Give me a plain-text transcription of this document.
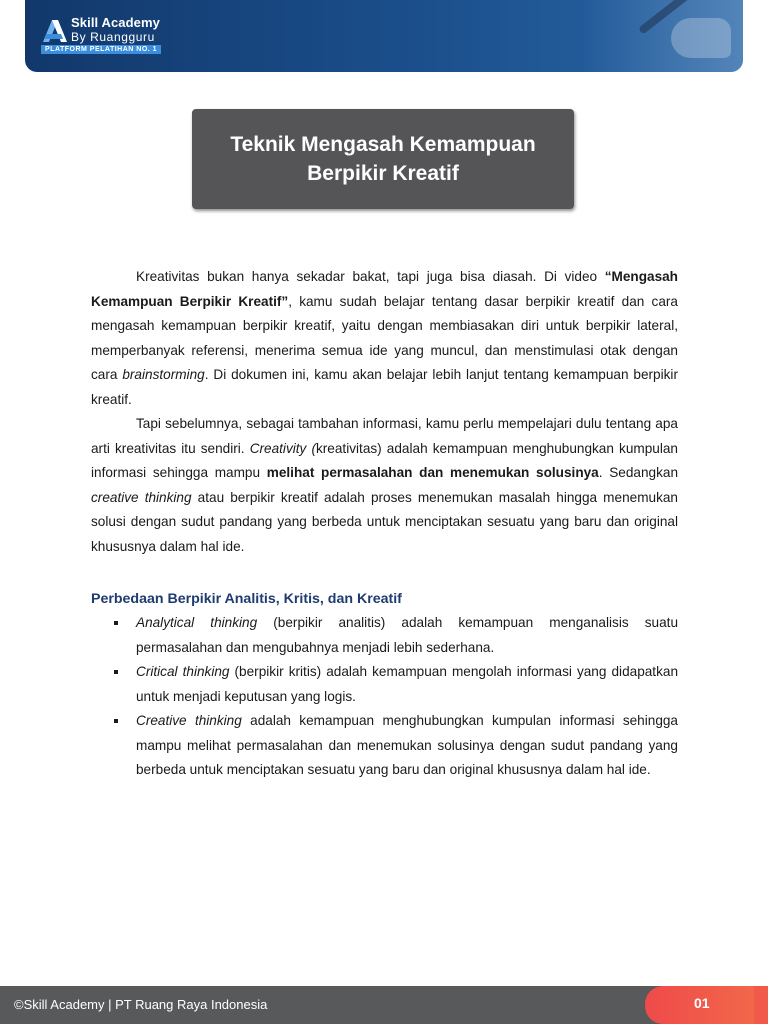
Skill Academy
By Ruangguru
PLATFORM PELATIHAN NO. 1
Teknik Mengasah Kemampuan
Berpikir Kreatif

Kreativitas bukan hanya sekadar bakat, tapi juga bisa diasah. Di video “Mengasah Kemampuan Berpikir Kreatif”, kamu sudah belajar tentang dasar berpikir kreatif dan cara mengasah kemampuan berpikir kreatif, yaitu dengan membiasakan diri untuk berpikir lateral, memperbanyak referensi, menerima semua ide yang muncul, dan menstimulasi otak dengan cara brainstorming. Di dokumen ini, kamu akan belajar lebih lanjut tentang kemampuan berpikir kreatif.

Tapi sebelumnya, sebagai tambahan informasi, kamu perlu mempelajari dulu tentang apa arti kreativitas itu sendiri. Creativity (kreativitas) adalah kemampuan menghubungkan kumpulan informasi sehingga mampu melihat permasalahan dan menemukan solusinya. Sedangkan creative thinking atau berpikir kreatif adalah proses menemukan masalah hingga menemukan solusi dengan sudut pandang yang berbeda untuk menciptakan sesuatu yang baru dan original khususnya dalam hal ide.

Perbedaan Berpikir Analitis, Kritis, dan Kreatif
Analytical thinking (berpikir analitis) adalah kemampuan menganalisis suatu permasalahan dan mengubahnya menjadi lebih sederhana.
Critical thinking (berpikir kritis) adalah kemampuan mengolah informasi yang didapatkan untuk menjadi keputusan yang logis.
Creative thinking adalah kemampuan menghubungkan kumpulan informasi sehingga mampu melihat permasalahan dan menemukan solusinya dengan sudut pandang yang berbeda untuk menciptakan sesuatu yang baru dan original khususnya dalam hal ide.
©Skill Academy | PT Ruang Raya Indonesia	01
